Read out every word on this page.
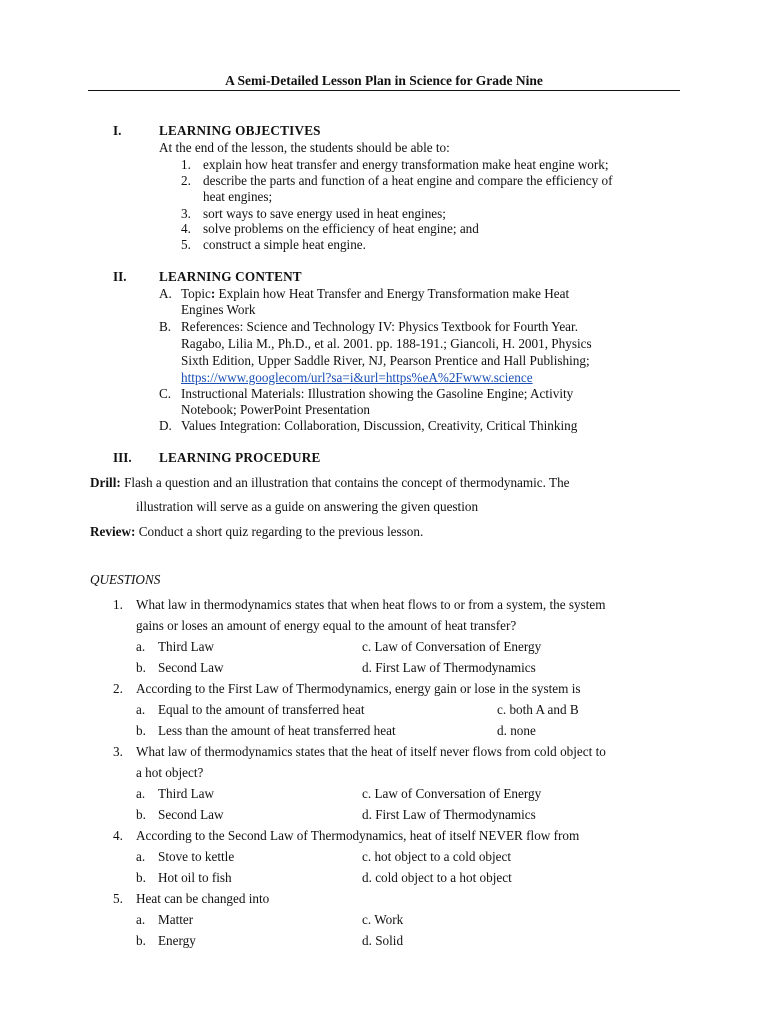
A Semi-Detailed Lesson Plan in Science for Grade Nine
I.	LEARNING OBJECTIVES
At the end of the lesson, the students should be able to:
1. explain how heat transfer and energy transformation make heat engine work;
2. describe the parts and function of a heat engine and compare the efficiency of
heat engines;
3. sort ways to save energy used in heat engines;
4. solve problems on the efficiency of heat engine; and
5. construct a simple heat engine.
II. LEARNING CONTENT
A. Topic: Explain how Heat Transfer and Energy Transformation make Heat
Engines Work
B. References: Science and Technology IV: Physics Textbook for Fourth Year.
Ragabo, Lilia M., Ph.D., et al. 2001. pp. 188-191.; Giancoli, H. 2001, Physics
Sixth Edition, Upper Saddle River, NJ, Pearson Prentice and Hall Publishing;
https://www.googlecom/url?sa=i&url=https%eA%2Fwww.science
C. Instructional Materials: Illustration showing the Gasoline Engine; Activity
Notebook; PowerPoint Presentation
D. Values Integration: Collaboration, Discussion, Creativity, Critical Thinking
III. LEARNING PROCEDURE
Drill: Flash a question and an illustration that contains the concept of thermodynamic. The
illustration will serve as a guide on answering the given question
Review: Conduct a short quiz regarding to the previous lesson.
QUESTIONS
1. What law in thermodynamics states that when heat flows to or from a system, the system
gains or loses an amount of energy equal to the amount of heat transfer?
a. Third Law	c. Law of Conversation of Energy
b. Second Law	d. First Law of Thermodynamics
2. According to the First Law of Thermodynamics, energy gain or lose in the system is
a. Equal to the amount of transferred heat	c. both A and B
b. Less than the amount of heat transferred heat	d. none
3. What law of thermodynamics states that the heat of itself never flows from cold object to
a hot object?
a. Third Law	c. Law of Conversation of Energy
b. Second Law	d. First Law of Thermodynamics
4. According to the Second Law of Thermodynamics, heat of itself NEVER flow from
a. Stove to kettle	c. hot object to a cold object
b. Hot oil to fish	d. cold object to a hot object
5. Heat can be changed into
a. Matter	c. Work
b. Energy	d. Solid
